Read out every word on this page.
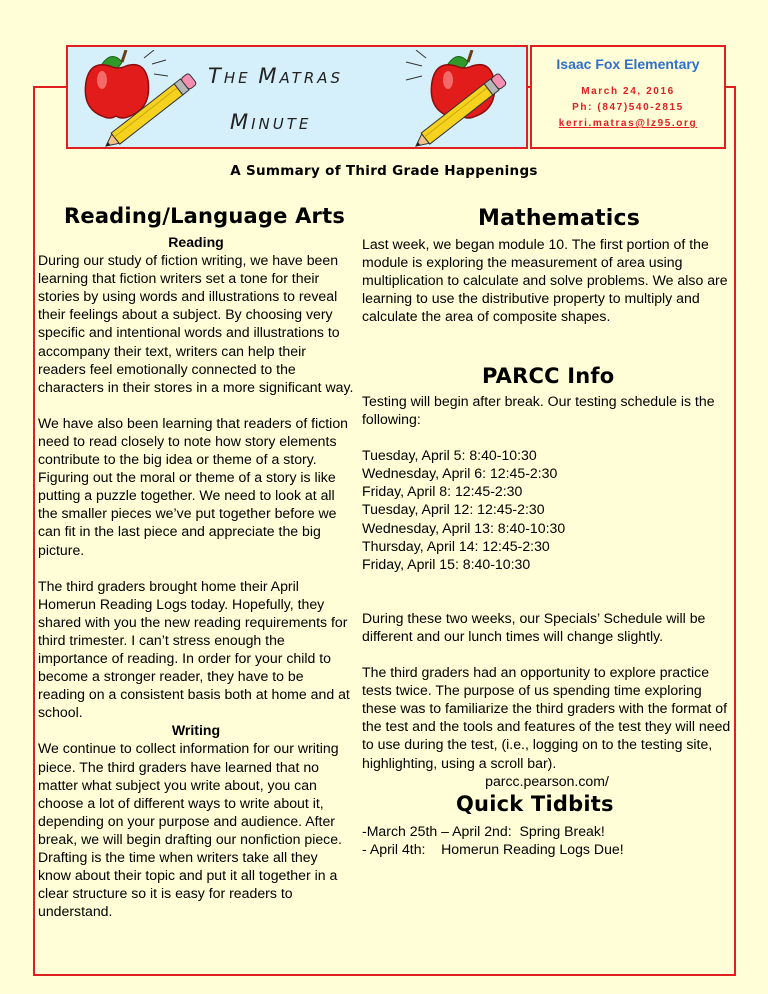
THE MATRAS
MINUTE
Isaac Fox Elementary
March 24, 2016
Ph: (847)540-2815
kerri.matras@lz95.org
A Summary of Third Grade Happenings
Reading/Language Arts

Reading

During our study of fiction writing, we have been learning that fiction writers set a tone for their stories by using words and illustrations to reveal their feelings about a subject. By choosing very specific and intentional words and illustrations to accompany their text, writers can help their readers feel emotionally connected to the characters in their stores in a more significant way.

We have also been learning that readers of fiction need to read closely to note how story elements contribute to the big idea or theme of a story. Figuring out the moral or theme of a story is like putting a puzzle together. We need to look at all the smaller pieces we’ve put together before we can fit in the last piece and appreciate the big picture.

The third graders brought home their April Homerun Reading Logs today. Hopefully, they shared with you the new reading requirements for third trimester. I can’t stress enough the importance of reading. In order for your child to become a stronger reader, they have to be reading on a consistent basis both at home and at school.

Writing

We continue to collect information for our writing piece. The third graders have learned that no matter what subject you write about, you can choose a lot of different ways to write about it, depending on your purpose and audience. After break, we will begin drafting our nonfiction piece. Drafting is the time when writers take all they know about their topic and put it all together in a clear structure so it is easy for readers to understand.

Mathematics

Last week, we began module 10. The first portion of the module is exploring the measurement of area using multiplication to calculate and solve problems. We also are learning to use the distributive property to multiply and calculate the area of composite shapes.

PARCC Info

Testing will begin after break. Our testing schedule is the following:

Tuesday, April 5: 8:40-10:30

Wednesday, April 6: 12:45-2:30

Friday, April 8: 12:45-2:30

Tuesday, April 12: 12:45-2:30

Wednesday, April 13: 8:40-10:30

Thursday, April 14: 12:45-2:30

Friday, April 15: 8:40-10:30

During these two weeks, our Specials’ Schedule will be different and our lunch times will change slightly.

The third graders had an opportunity to explore practice tests twice. The purpose of us spending time exploring these was to familiarize the third graders with the format of the test and the tools and features of the test they will need to use during the test, (i.e., logging on to the testing site, highlighting, using a scroll bar).

parcc.pearson.com/

Quick Tidbits

-March 25th – April 2nd:  Spring Break!

- April 4th:    Homerun Reading Logs Due!
